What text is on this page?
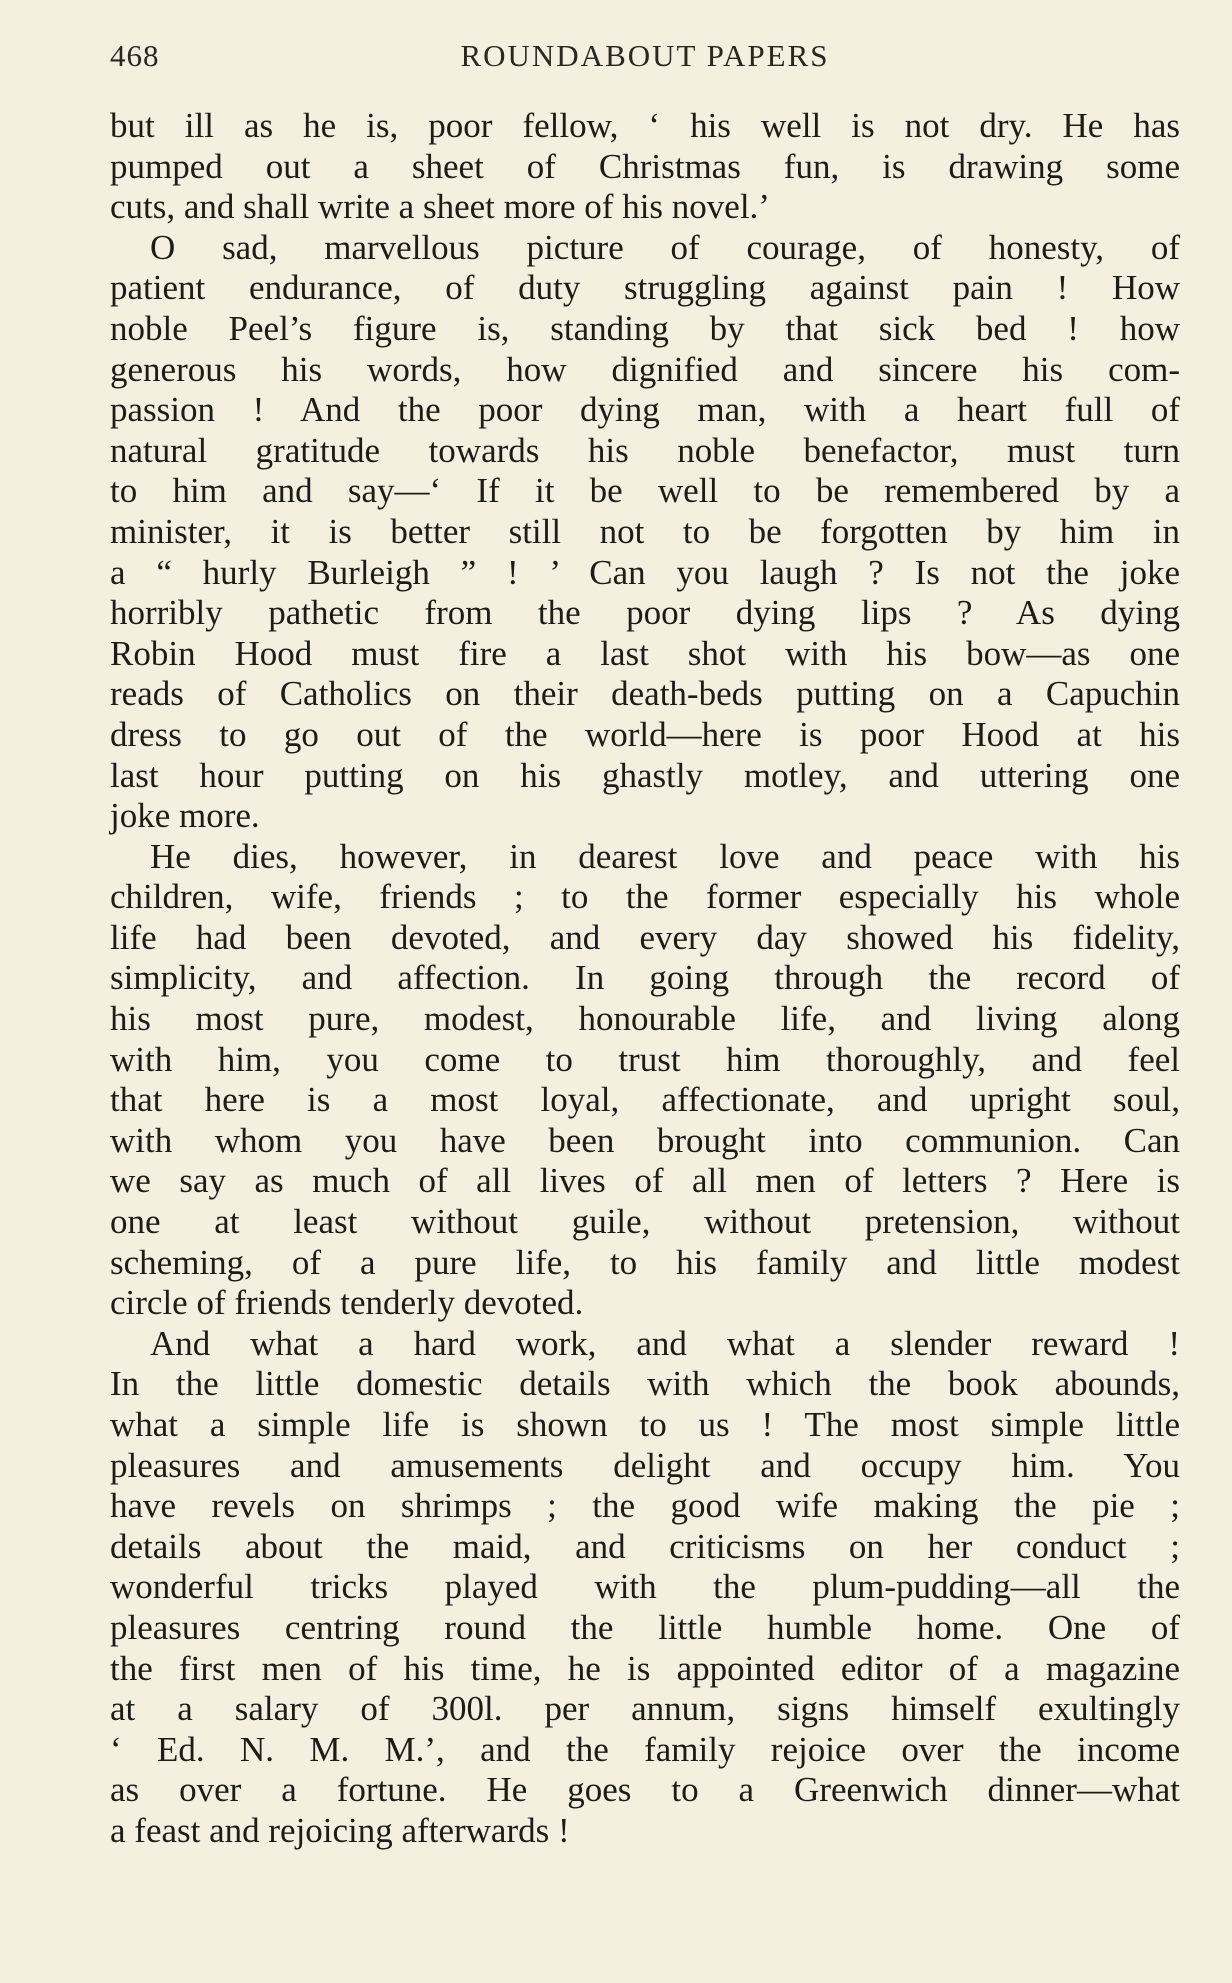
468	ROUNDABOUT PAPERS

but ill as he is, poor fellow, ‘ his well is not dry. He has
pumped out a sheet of Christmas fun, is drawing some
cuts, and shall write a sheet more of his novel.’

O sad, marvellous picture of courage, of honesty, of
patient endurance, of duty struggling against pain ! How
noble Peel’s figure is, standing by that sick bed ! how
generous his words, how dignified and sincere his com-
passion ! And the poor dying man, with a heart full of
natural gratitude towards his noble benefactor, must turn
to him and say—‘ If it be well to be remembered by a
minister, it is better still not to be forgotten by him in
a “ hurly Burleigh ” ! ’ Can you laugh ? Is not the joke
horribly pathetic from the poor dying lips ? As dying
Robin Hood must fire a last shot with his bow—as one
reads of Catholics on their death-beds putting on a Capuchin
dress to go out of the world—here is poor Hood at his
last hour putting on his ghastly motley, and uttering one
joke more.

He dies, however, in dearest love and peace with his
children, wife, friends ; to the former especially his whole
life had been devoted, and every day showed his fidelity,
simplicity, and affection. In going through the record of
his most pure, modest, honourable life, and living along
with him, you come to trust him thoroughly, and feel
that here is a most loyal, affectionate, and upright soul,
with whom you have been brought into communion. Can
we say as much of all lives of all men of letters ? Here is
one at least without guile, without pretension, without
scheming, of a pure life, to his family and little modest
circle of friends tenderly devoted.

And what a hard work, and what a slender reward !
In the little domestic details with which the book abounds,
what a simple life is shown to us ! The most simple little
pleasures and amusements delight and occupy him. You
have revels on shrimps ; the good wife making the pie ;
details about the maid, and criticisms on her conduct ;
wonderful tricks played with the plum-pudding—all the
pleasures centring round the little humble home. One of
the first men of his time, he is appointed editor of a magazine
at a salary of 300l. per annum, signs himself exultingly
‘ Ed. N. M. M.’, and the family rejoice over the income
as over a fortune. He goes to a Greenwich dinner—what
a feast and rejoicing afterwards !
